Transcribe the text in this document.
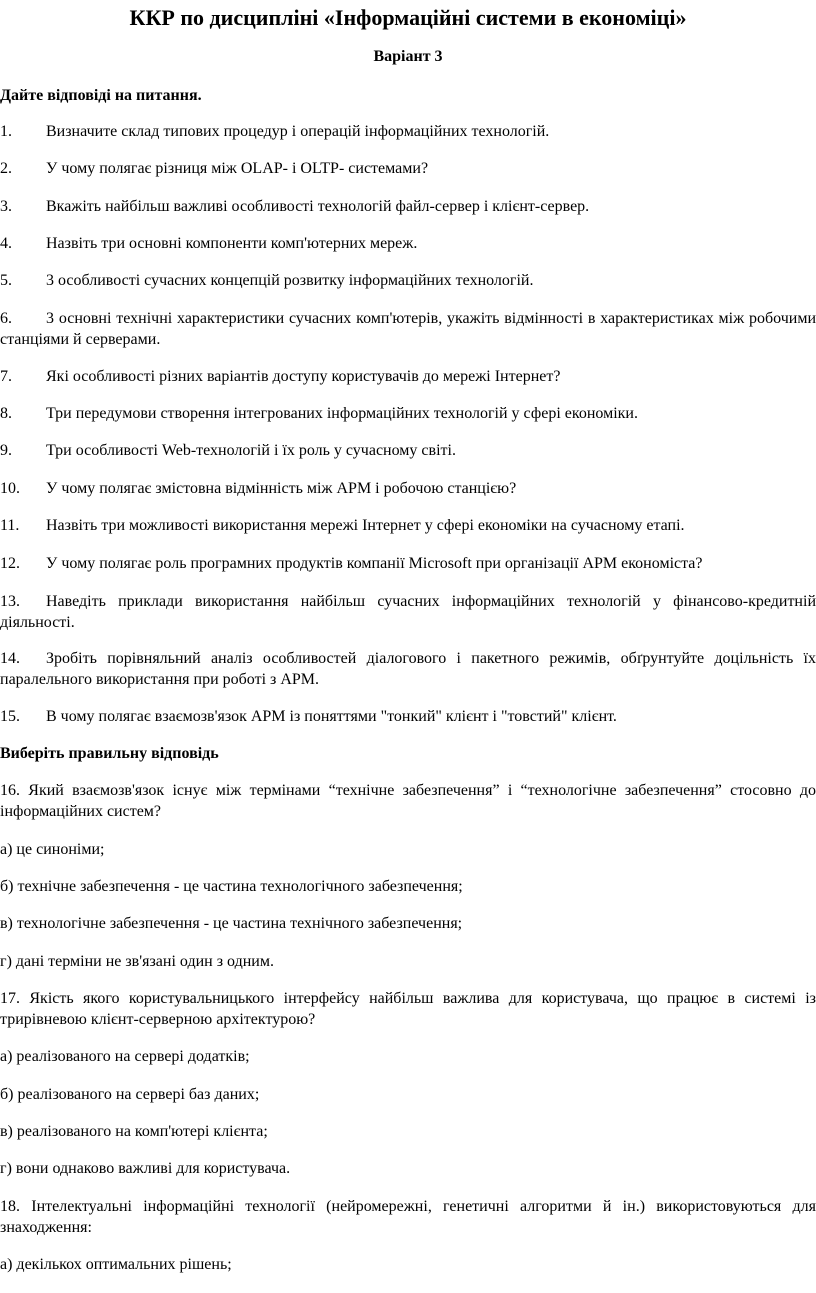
ККР по дисципліні «Інформаційні системи в економіці»
Варіант 3
Дайте відповіді на питання.
1. Визначите склад типових процедур і операцій інформаційних технологій.
2. У чому полягає різниця між OLAP- і OLTP- системами?
3. Вкажіть найбільш важливі особливості технологій файл-сервер і клієнт-сервер.
4. Назвіть три основні компоненти комп'ютерних мереж.
5. 3 особливості сучасних концепцій розвитку інформаційних технологій.
6. 3 основні технічні характеристики сучасних комп'ютерів, укажіть відмінності в характеристиках між робочими станціями й серверами.
7. Які особливості різних варіантів доступу користувачів до мережі Інтернет?
8. Три передумови створення інтегрованих інформаційних технологій у сфері економіки.
9. Три особливості Web-технологій і їх роль у сучасному світі.
10. У чому полягає змістовна відмінність між АРМ і робочою станцією?
11. Назвіть три можливості використання мережі Інтернет у сфері економіки на сучасному етапі.
12. У чому полягає роль програмних продуктів компанії Microsoft при організації АРМ економіста?
13. Наведіть приклади використання найбільш сучасних інформаційних технологій у фінансово-кредитній діяльності.
14. Зробіть порівняльний аналіз особливостей діалогового і пакетного режимів, обґрунтуйте доцільність їх паралельного використання при роботі з АРМ.
15. В чому полягає взаємозв'язок АРМ із поняттями "тонкий" клієнт і "товстий" клієнт.
Виберіть правильну відповідь
16. Який взаємозв'язок існує між термінами “технічне забезпечення” і “технологічне забезпечення” стосовно до інформаційних систем?
а) це синоніми;
б) технічне забезпечення - це частина технологічного забезпечення;
в) технологічне забезпечення - це частина технічного забезпечення;
г) дані терміни не зв'язані один з одним.
17. Якість якого користувальницького інтерфейсу найбільш важлива для користувача, що працює в системі із трирівневою клієнт-серверною архітектурою?
а) реалізованого на сервері додатків;
б) реалізованого на сервері баз даних;
в) реалізованого на комп'ютері клієнта;
г) вони однаково важливі для користувача.
18. Інтелектуальні інформаційні технології (нейромережні, генетичні алгоритми й ін.) використовуються для знаходження:
а) декількох оптимальних рішень;
